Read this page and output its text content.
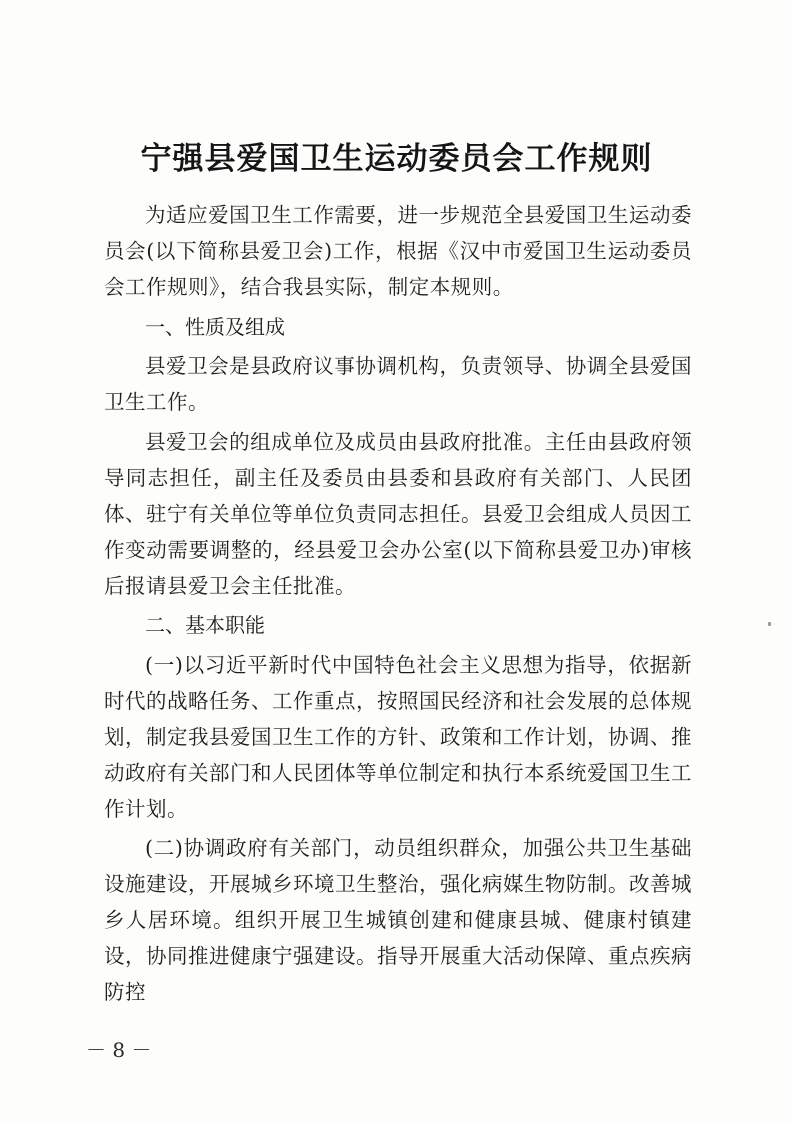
宁强县爱国卫生运动委员会工作规则

为适应爱国卫生工作需要，进一步规范全县爱国卫生运动委员会(以下简称县爱卫会)工作，根据《汉中市爱国卫生运动委员会工作规则》，结合我县实际，制定本规则。

一、性质及组成

县爱卫会是县政府议事协调机构，负责领导、协调全县爱国卫生工作。

县爱卫会的组成单位及成员由县政府批准。主任由县政府领导同志担任，副主任及委员由县委和县政府有关部门、人民团体、驻宁有关单位等单位负责同志担任。县爱卫会组成人员因工作变动需要调整的，经县爱卫会办公室(以下简称县爱卫办)审核后报请县爱卫会主任批准。

二、基本职能

(一)以习近平新时代中国特色社会主义思想为指导，依据新时代的战略任务、工作重点，按照国民经济和社会发展的总体规划，制定我县爱国卫生工作的方针、政策和工作计划，协调、推动政府有关部门和人民团体等单位制定和执行本系统爱国卫生工作计划。

(二)协调政府有关部门，动员组织群众，加强公共卫生基础设施建设，开展城乡环境卫生整治，强化病媒生物防制。改善城乡人居环境。组织开展卫生城镇创建和健康县城、健康村镇建设，协同推进健康宁强建设。指导开展重大活动保障、重点疾病防控

－ 8 －
